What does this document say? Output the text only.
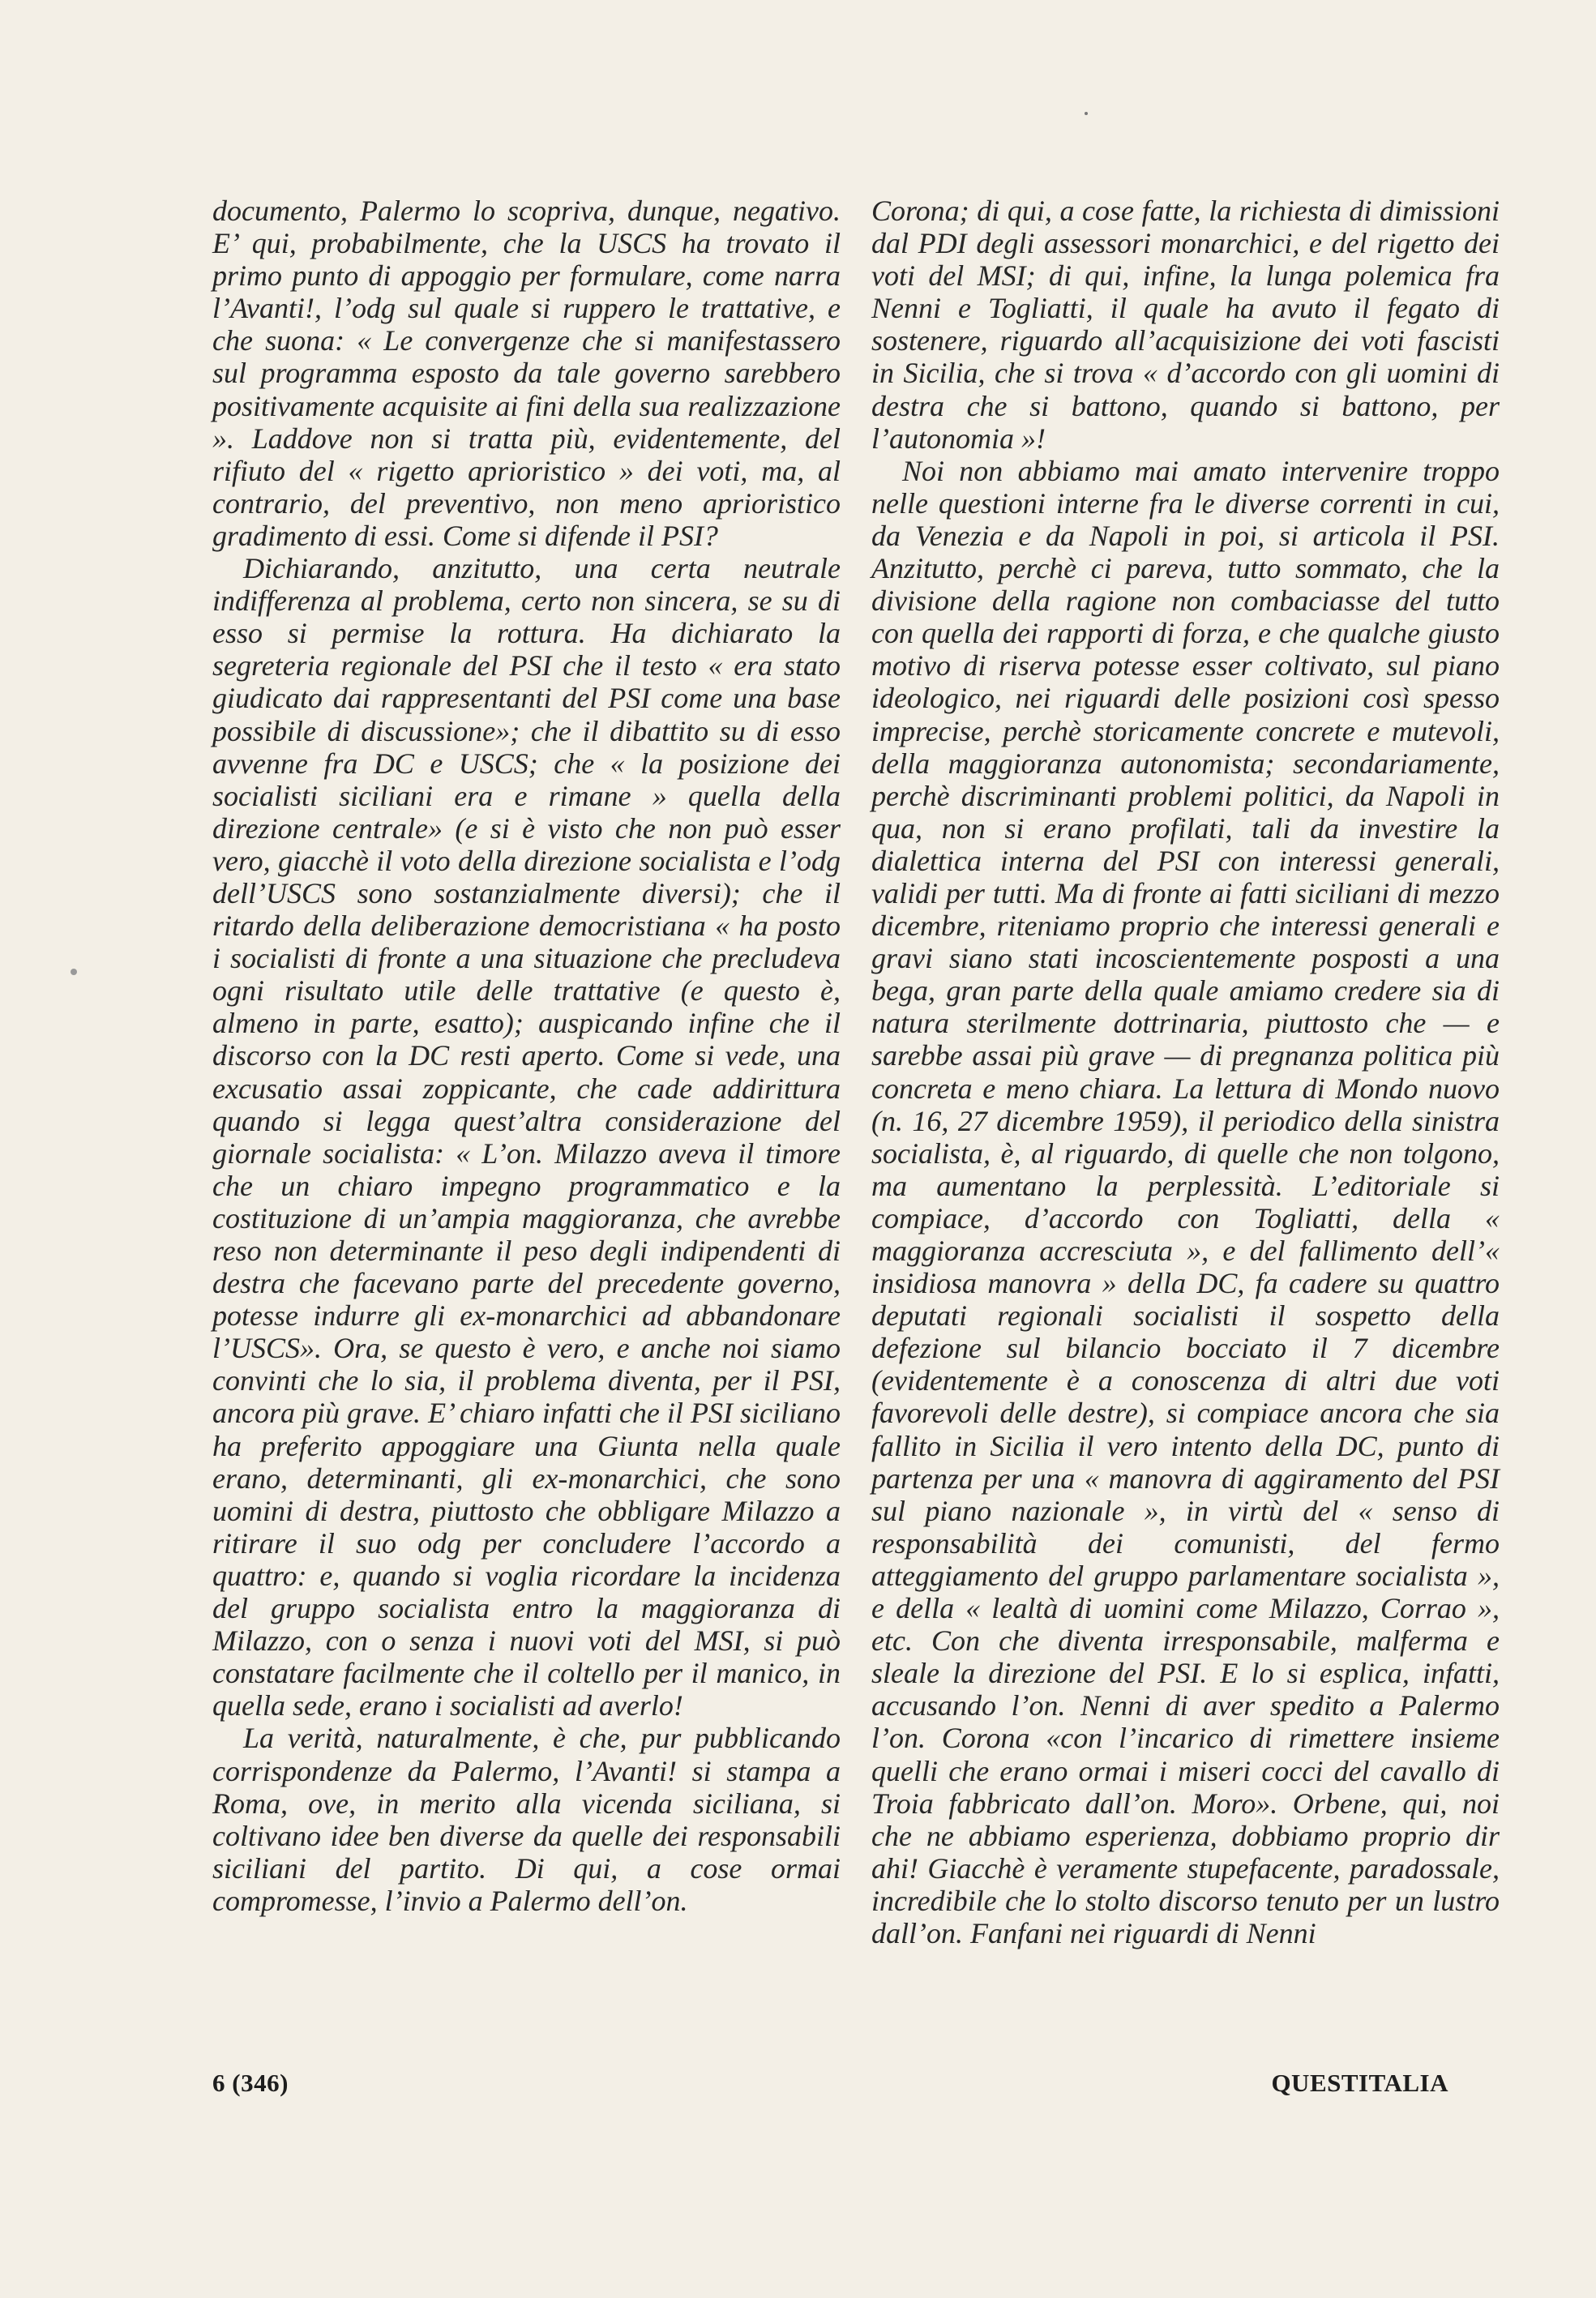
documento, Palermo lo scopriva, dunque, negativo. E’ qui, probabilmente, che la USCS ha trovato il primo punto di appoggio per formulare, come narra l’Avanti!, l’odg sul quale si ruppero le trattative, e che suona: « Le convergenze che si manifestassero sul programma esposto da tale governo sarebbero positivamente acquisite ai fini della sua realizzazione ». Laddove non si tratta più, evidentemente, del rifiuto del « rigetto aprioristico » dei voti, ma, al contrario, del preventivo, non meno aprioristico gradimento di essi. Come si difende il PSI?

Dichiarando, anzitutto, una certa neutrale indifferenza al problema, certo non sincera, se su di esso si permise la rottura. Ha dichiarato la segreteria regionale del PSI che il testo « era stato giudicato dai rappresentanti del PSI come una base possibile di discussione»; che il dibattito su di esso avvenne fra DC e USCS; che « la posizione dei socialisti siciliani era e rimane » quella della direzione centrale» (e si è visto che non può esser vero, giacchè il voto della direzione socialista e l’odg dell’USCS sono sostanzialmente diversi); che il ritardo della deliberazione democristiana « ha posto i socialisti di fronte a una situazione che precludeva ogni risultato utile delle trattative (e questo è, almeno in parte, esatto); auspicando infine che il discorso con la DC resti aperto. Come si vede, una excusatio assai zoppicante, che cade addirittura quando si legga quest’altra considerazione del giornale socialista: « L’on. Milazzo aveva il timore che un chiaro impegno programmatico e la costituzione di un’ampia maggioranza, che avrebbe reso non determinante il peso degli indipendenti di destra che facevano parte del precedente governo, potesse indurre gli ex-monarchici ad abbandonare l’USCS». Ora, se questo è vero, e anche noi siamo convinti che lo sia, il problema diventa, per il PSI, ancora più grave. E’ chiaro infatti che il PSI siciliano ha preferito appoggiare una Giunta nella quale erano, determinanti, gli ex-monarchici, che sono uomini di destra, piuttosto che obbligare Milazzo a ritirare il suo odg per concludere l’accordo a quattro: e, quando si voglia ricordare la incidenza del gruppo socialista entro la maggioranza di Milazzo, con o senza i nuovi voti del MSI, si può constatare facilmente che il coltello per il manico, in quella sede, erano i socialisti ad averlo!

La verità, naturalmente, è che, pur pubblicando corrispondenze da Palermo, l’Avanti! si stampa a Roma, ove, in merito alla vicenda siciliana, si coltivano idee ben diverse da quelle dei responsabili siciliani del partito. Di qui, a cose ormai compromesse, l’invio a Palermo dell’on.

Corona; di qui, a cose fatte, la richiesta di dimissioni dal PDI degli assessori monarchici, e del rigetto dei voti del MSI; di qui, infine, la lunga polemica fra Nenni e Togliatti, il quale ha avuto il fegato di sostenere, riguardo all’acquisizione dei voti fascisti in Sicilia, che si trova « d’accordo con gli uomini di destra che si battono, quando si battono, per l’autonomia »!

Noi non abbiamo mai amato intervenire troppo nelle questioni interne fra le diverse correnti in cui, da Venezia e da Napoli in poi, si articola il PSI. Anzitutto, perchè ci pareva, tutto sommato, che la divisione della ragione non combaciasse del tutto con quella dei rapporti di forza, e che qualche giusto motivo di riserva potesse esser coltivato, sul piano ideologico, nei riguardi delle posizioni così spesso imprecise, perchè storicamente concrete e mutevoli, della maggioranza autonomista; secondariamente, perchè discriminanti problemi politici, da Napoli in qua, non si erano profilati, tali da investire la dialettica interna del PSI con interessi generali, validi per tutti. Ma di fronte ai fatti siciliani di mezzo dicembre, riteniamo proprio che interessi generali e gravi siano stati incoscientemente posposti a una bega, gran parte della quale amiamo credere sia di natura sterilmente dottrinaria, piuttosto che — e sarebbe assai più grave — di pregnanza politica più concreta e meno chiara. La lettura di Mondo nuovo (n. 16, 27 dicembre 1959), il periodico della sinistra socialista, è, al riguardo, di quelle che non tolgono, ma aumentano la perplessità. L’editoriale si compiace, d’accordo con Togliatti, della « maggioranza accresciuta », e del fallimento dell’« insidiosa manovra » della DC, fa cadere su quattro deputati regionali socialisti il sospetto della defezione sul bilancio bocciato il 7 dicembre (evidentemente è a conoscenza di altri due voti favorevoli delle destre), si compiace ancora che sia fallito in Sicilia il vero intento della DC, punto di partenza per una « manovra di aggiramento del PSI sul piano nazionale », in virtù del « senso di responsabilità dei comunisti, del fermo atteggiamento del gruppo parlamentare socialista », e della « lealtà di uomini come Milazzo, Corrao », etc. Con che diventa irresponsabile, malferma e sleale la direzione del PSI. E lo si esplica, infatti, accusando l’on. Nenni di aver spedito a Palermo l’on. Corona «con l’incarico di rimettere insieme quelli che erano ormai i miseri cocci del cavallo di Troia fabbricato dall’on. Moro». Orbene, qui, noi che ne abbiamo esperienza, dobbiamo proprio dir ahi! Giacchè è veramente stupefacente, paradossale, incredibile che lo stolto discorso tenuto per un lustro dall’on. Fanfani nei riguardi di Nenni

6 (346)	QUESTITALIA
